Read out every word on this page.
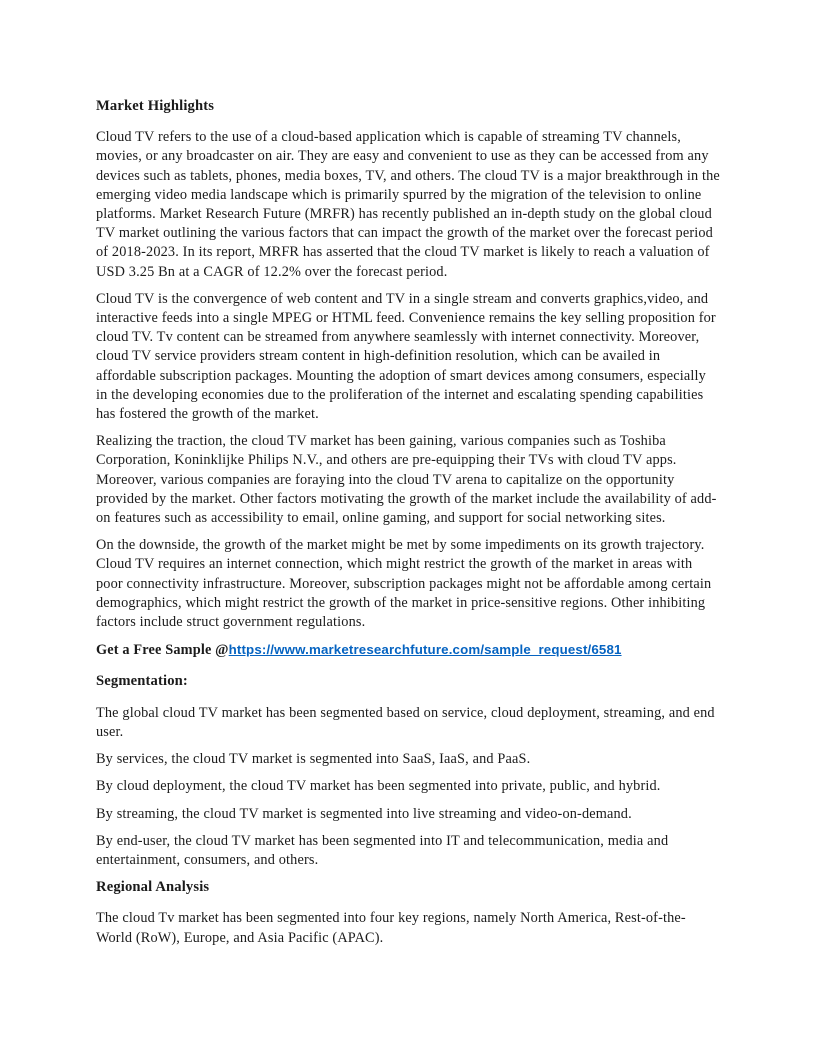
Market Highlights

Cloud TV refers to the use of a cloud-based application which is capable of streaming TV channels, movies, or any broadcaster on air. They are easy and convenient to use as they can be accessed from any devices such as tablets, phones, media boxes, TV, and others. The cloud TV is a major breakthrough in the emerging video media landscape which is primarily spurred by the migration of the television to online platforms. Market Research Future (MRFR) has recently published an in-depth study on the global cloud TV market outlining the various factors that can impact the growth of the market over the forecast period of 2018-2023. In its report, MRFR has asserted that the cloud TV market is likely to reach a valuation of USD 3.25 Bn at a CAGR of 12.2% over the forecast period.

Cloud TV is the convergence of web content and TV in a single stream and converts graphics,video, and interactive feeds into a single MPEG or HTML feed. Convenience remains the key selling proposition for cloud TV. Tv content can be streamed from anywhere seamlessly with internet connectivity. Moreover, cloud TV service providers stream content in high-definition resolution, which can be availed in affordable subscription packages. Mounting the adoption of smart devices among consumers, especially in the developing economies due to the proliferation of the internet and escalating spending capabilities has fostered the growth of the market.

Realizing the traction, the cloud TV market has been gaining, various companies such as Toshiba Corporation, Koninklijke Philips N.V., and others are pre-equipping their TVs with cloud TV apps. Moreover, various companies are foraying into the cloud TV arena to capitalize on the opportunity provided by the market. Other factors motivating the growth of the market include the availability of add-on features such as accessibility to email, online gaming, and support for social networking sites.

On the downside, the growth of the market might be met by some impediments on its growth trajectory. Cloud TV requires an internet connection, which might restrict the growth of the market in areas with poor connectivity infrastructure. Moreover, subscription packages might not be affordable among certain demographics, which might restrict the growth of the market in price-sensitive regions. Other inhibiting factors include struct government regulations.

Get a Free Sample @https://www.marketresearchfuture.com/sample_request/6581

Segmentation:

The global cloud TV market has been segmented based on service, cloud deployment, streaming, and end user.

By services, the cloud TV market is segmented into SaaS, IaaS, and PaaS.

By cloud deployment, the cloud TV market has been segmented into private, public, and hybrid.

By streaming, the cloud TV market is segmented into live streaming and video-on-demand.

By end-user, the cloud TV market has been segmented into IT and telecommunication, media and entertainment, consumers, and others.

Regional Analysis

The cloud Tv market has been segmented into four key regions, namely North America, Rest-of-the-World (RoW), Europe, and Asia Pacific (APAC).
